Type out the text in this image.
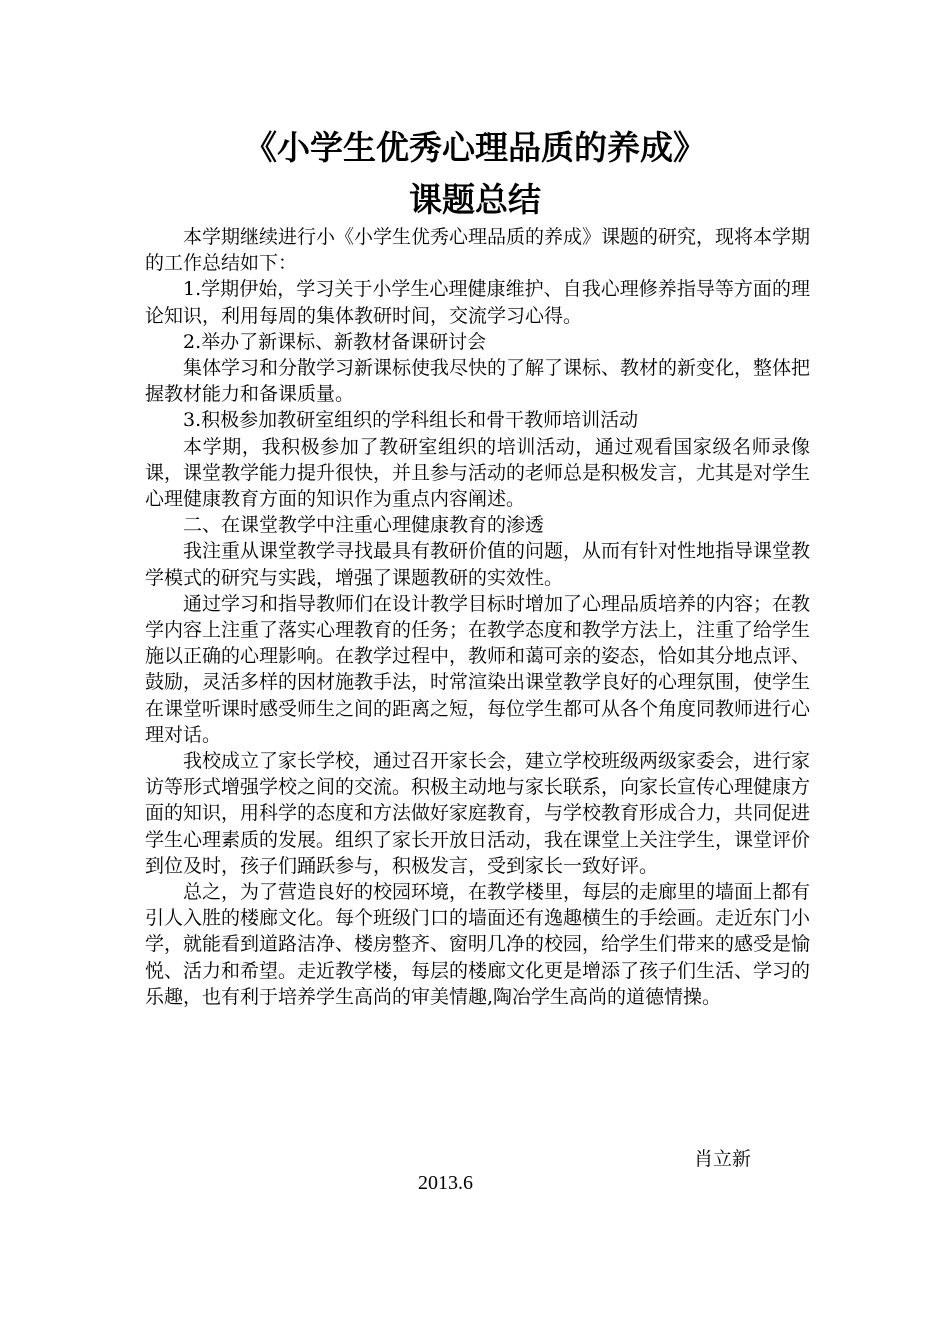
《小学生优秀心理品质的养成》
课题总结

本学期继续进行小《小学生优秀心理品质的养成》课题的研究，现将本学期的工作总结如下：

1.学期伊始，学习关于小学生心理健康维护、自我心理修养指导等方面的理论知识，利用每周的集体教研时间，交流学习心得。

2.举办了新课标、新教材备课研讨会

集体学习和分散学习新课标使我尽快的了解了课标、教材的新变化，整体把握教材能力和备课质量。

3.积极参加教研室组织的学科组长和骨干教师培训活动

本学期，我积极参加了教研室组织的培训活动，通过观看国家级名师录像课，课堂教学能力提升很快，并且参与活动的老师总是积极发言，尤其是对学生心理健康教育方面的知识作为重点内容阐述。

二、在课堂教学中注重心理健康教育的渗透

我注重从课堂教学寻找最具有教研价值的问题，从而有针对性地指导课堂教学模式的研究与实践，增强了课题教研的实效性。

通过学习和指导教师们在设计教学目标时增加了心理品质培养的内容；在教学内容上注重了落实心理教育的任务；在教学态度和教学方法上，注重了给学生施以正确的心理影响。在教学过程中，教师和蔼可亲的姿态，恰如其分地点评、鼓励，灵活多样的因材施教手法，时常渲染出课堂教学良好的心理氛围，使学生在课堂听课时感受师生之间的距离之短，每位学生都可从各个角度同教师进行心理对话。

我校成立了家长学校，通过召开家长会，建立学校班级两级家委会，进行家访等形式增强学校之间的交流。积极主动地与家长联系，向家长宣传心理健康方面的知识，用科学的态度和方法做好家庭教育，与学校教育形成合力，共同促进学生心理素质的发展。组织了家长开放日活动，我在课堂上关注学生，课堂评价到位及时，孩子们踊跃参与，积极发言，受到家长一致好评。

总之，为了营造良好的校园环境，在教学楼里，每层的走廊里的墙面上都有引人入胜的楼廊文化。每个班级门口的墙面还有逸趣横生的手绘画。走近东门小学，就能看到道路洁净、楼房整齐、窗明几净的校园，给学生们带来的感受是愉悦、活力和希望。走近教学楼，每层的楼廊文化更是增添了孩子们生活、学习的乐趣，也有利于培养学生高尚的审美情趣,陶冶学生高尚的道德情操。

肖立新
2013.6
